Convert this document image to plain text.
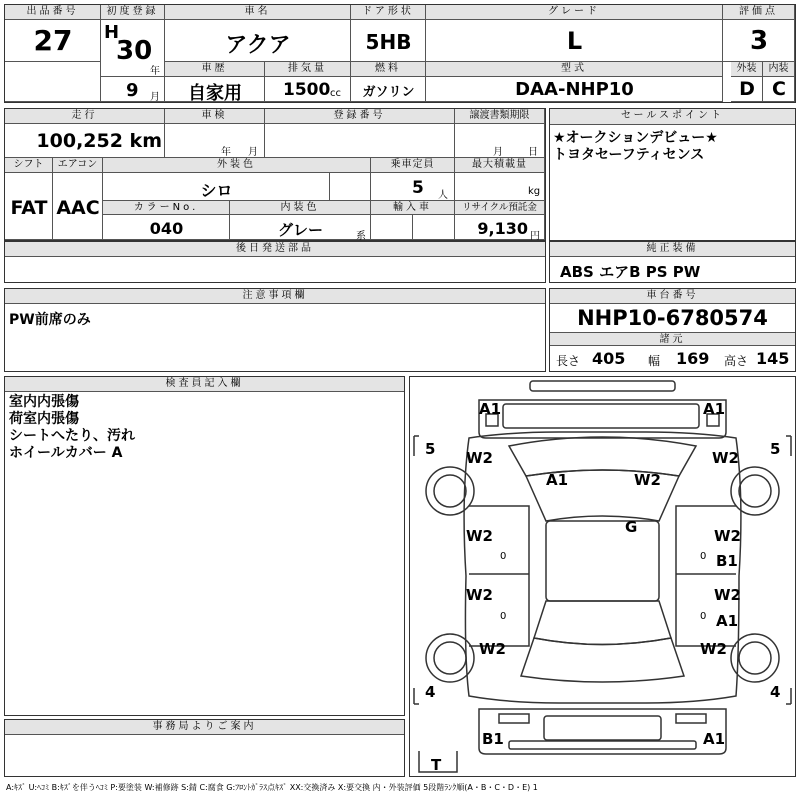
出品番号
27
初度登録
H
30
年
9 月
車名
アクア
ドア形状
5HB
グレード
L
評価点
3
外装	内装
D C
車歴
自家用
排気量
1500 cc
燃料
ガソリン
型式
DAA-NHP10
走行
100,252 km
車検
年 月
登録番号	譲渡書類期限
月	日
シフト
FAT
エアコン
AAC
外装色
シロ
乗車定員
5 人
最大積載量
kg
カラーNo.
040
内装色
グレー	系
輸入車	リサイクル預託金
9,130 円
セールスポイント
★オークションデビュー★
トヨタセーフティセンス
後日発送部品	純正装備
ABS エアB PS PW
注意事項欄
PW前席のみ
車台番号
NHP10-6780574
諸元
長さ 405 幅 169 高さ 145
検査員記入欄
室内内張傷
荷室内張傷
シートへたり、汚れ
ホイールカバー A
事務局よりご案内
5	5
4	4
T
A1	A1
W2	W2
A1	W2
G
W2	W2
B1
W2	W2
A1
W2	W2
B1	A1
0	0
0	0
A:ｷｽﾞ U:ﾍｺﾐ B:ｷｽﾞを伴うﾍｺﾐ P:要塗装 W:補修跡 S:錆 C:腐食 G:ﾌﾛﾝﾄｶﾞﾗｽ点ｷｽﾞ XX:交換済み X:要交換 内・外装評価 5段階ﾗﾝｸ順(A・B・C・D・E) 1
